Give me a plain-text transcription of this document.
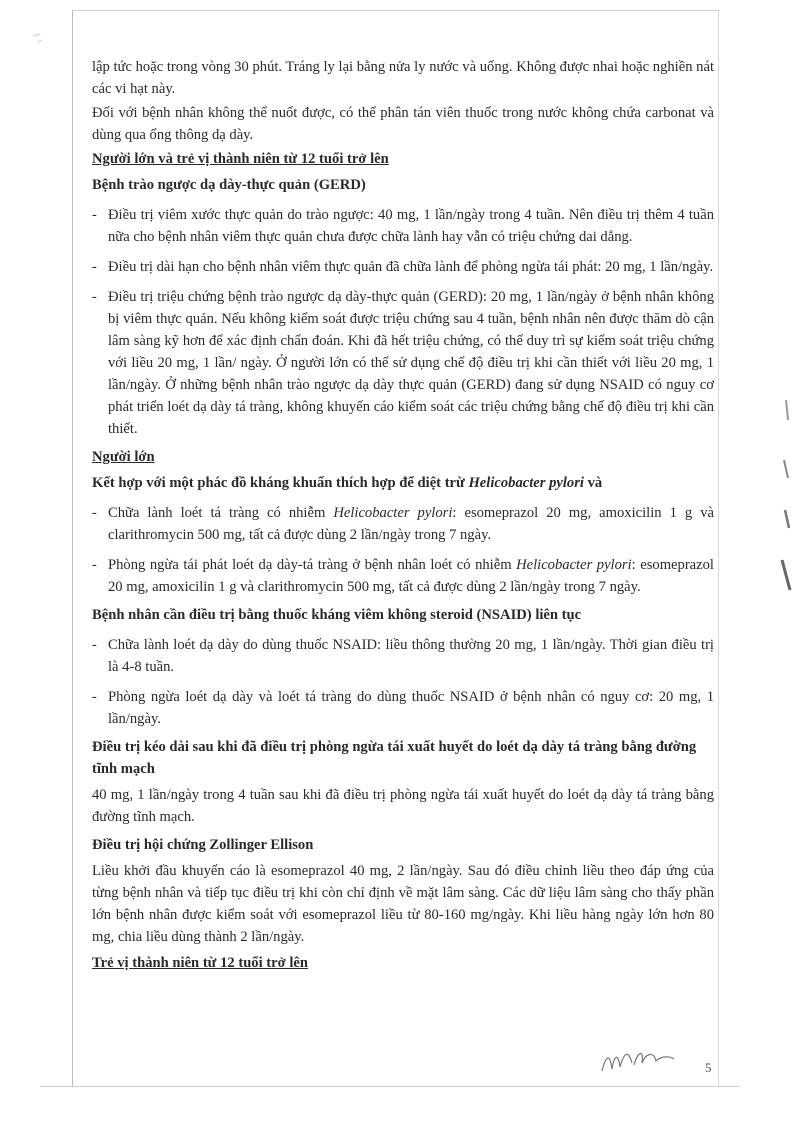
lập tức hoặc trong vòng 30 phút. Tráng ly lại bằng nửa ly nước và uống. Không được nhai hoặc nghiền nát các vi hạt này.

Đối với bệnh nhân không thể nuốt được, có thể phân tán viên thuốc trong nước không chứa carbonat và dùng qua ống thông dạ dày.

Người lớn và trẻ vị thành niên từ 12 tuổi trở lên

Bệnh trào ngược dạ dày-thực quản (GERD)

- Điều trị viêm xước thực quản do trào ngược: 40 mg, 1 lần/ngày trong 4 tuần. Nên điều trị thêm 4 tuần nữa cho bệnh nhân viêm thực quản chưa được chữa lành hay vẫn có triệu chứng dai dẳng.
- Điều trị dài hạn cho bệnh nhân viêm thực quản đã chữa lành để phòng ngừa tái phát: 20 mg, 1 lần/ngày.
- Điều trị triệu chứng bệnh trào ngược dạ dày-thực quản (GERD): 20 mg, 1 lần/ngày ở bệnh nhân không bị viêm thực quản. Nếu không kiểm soát được triệu chứng sau 4 tuần, bệnh nhân nên được thăm dò cận lâm sàng kỹ hơn để xác định chẩn đoán. Khi đã hết triệu chứng, có thể duy trì sự kiểm soát triệu chứng với liều 20 mg, 1 lần/ ngày. Ở người lớn có thể sử dụng chế độ điều trị khi cần thiết với liều 20 mg, 1 lần/ngày. Ở những bệnh nhân trào ngược dạ dày thực quản (GERD) đang sử dụng NSAID có nguy cơ phát triển loét dạ dày tá tràng, không khuyến cáo kiểm soát các triệu chứng bằng chế độ điều trị khi cần thiết.

Người lớn

Kết hợp với một phác đồ kháng khuẩn thích hợp để diệt trừ Helicobacter pylori và

- Chữa lành loét tá tràng có nhiễm Helicobacter pylori: esomeprazol 20 mg, amoxicilin 1 g và clarithromycin 500 mg, tất cả được dùng 2 lần/ngày trong 7 ngày.
- Phòng ngừa tái phát loét dạ dày-tá tràng ở bệnh nhân loét có nhiễm Helicobacter pylori: esomeprazol 20 mg, amoxicilin 1 g và clarithromycin 500 mg, tất cả được dùng 2 lần/ngày trong 7 ngày.

Bệnh nhân cần điều trị bằng thuốc kháng viêm không steroid (NSAID) liên tục

- Chữa lành loét dạ dày do dùng thuốc NSAID: liều thông thường 20 mg, 1 lần/ngày. Thời gian điều trị là 4-8 tuần.
- Phòng ngừa loét dạ dày và loét tá tràng do dùng thuốc NSAID ở bệnh nhân có nguy cơ: 20 mg, 1 lần/ngày.

Điều trị kéo dài sau khi đã điều trị phòng ngừa tái xuất huyết do loét dạ dày tá tràng bằng đường tĩnh mạch

40 mg, 1 lần/ngày trong 4 tuần sau khi đã điều trị phòng ngừa tái xuất huyết do loét dạ dày tá tràng bằng đường tĩnh mạch.

Điều trị hội chứng Zollinger Ellison

Liều khởi đầu khuyến cáo là esomeprazol 40 mg, 2 lần/ngày. Sau đó điều chỉnh liều theo đáp ứng của từng bệnh nhân và tiếp tục điều trị khi còn chỉ định về mặt lâm sàng. Các dữ liệu lâm sàng cho thấy phần lớn bệnh nhân được kiểm soát với esomeprazol liều từ 80-160 mg/ngày. Khi liều hàng ngày lớn hơn 80 mg, chia liều dùng thành 2 lần/ngày.

Trẻ vị thành niên từ 12 tuổi trở lên

5
